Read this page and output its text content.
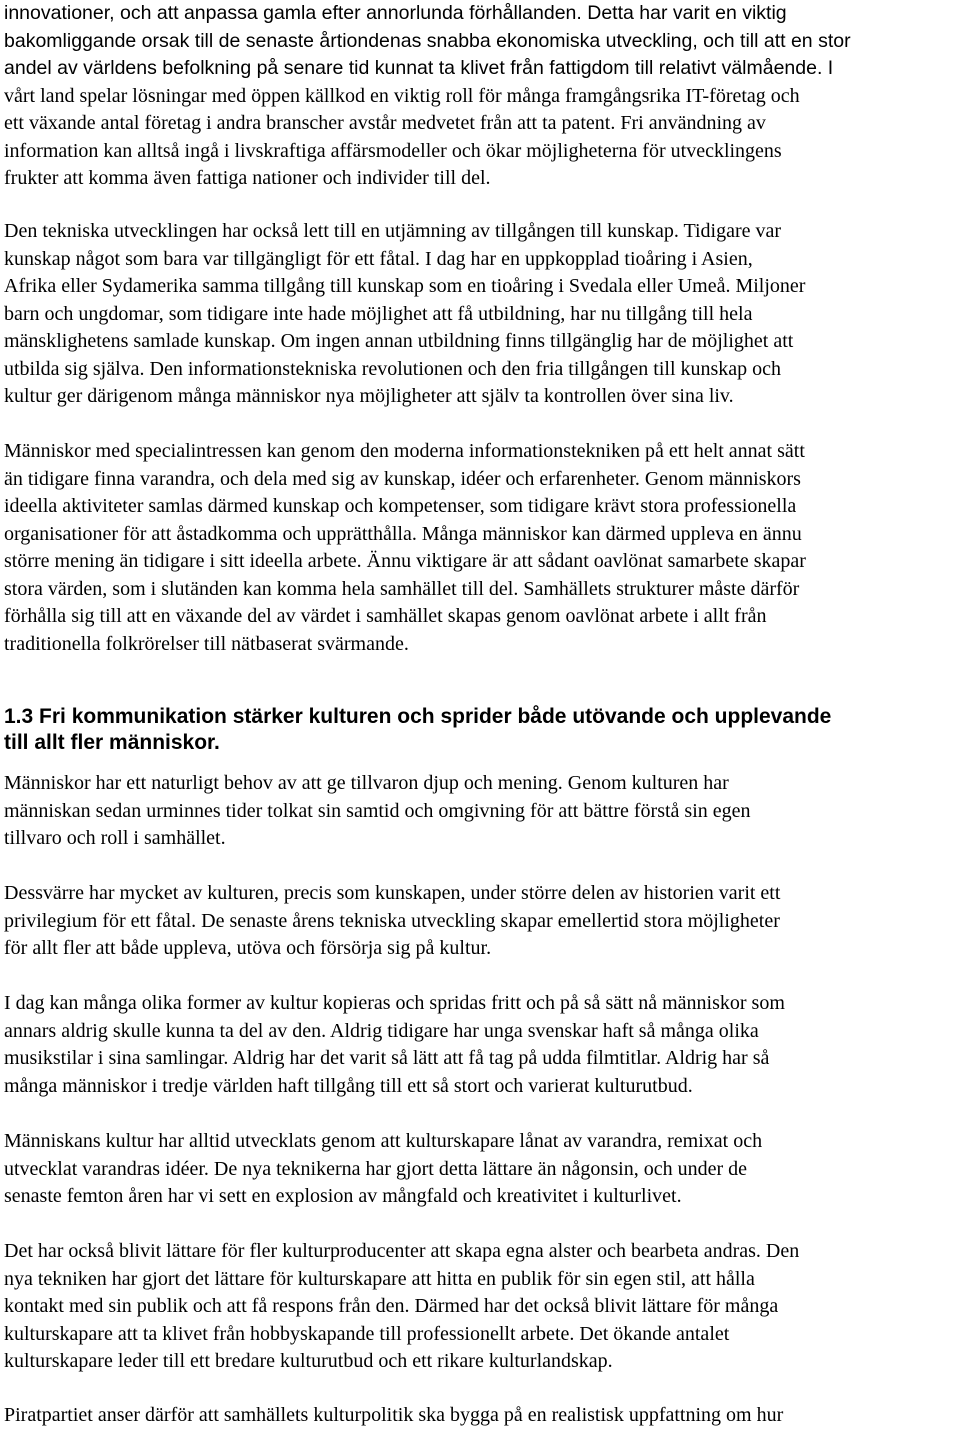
innovationer, och att anpassa gamla efter annorlunda förhållanden. Detta har varit en viktig
bakomliggande orsak till de senaste årtiondenas snabba ekonomiska utveckling, och till att en stor
andel av världens befolkning på senare tid kunnat ta klivet från fattigdom till relativt välmående. I
vårt land spelar lösningar med öppen källkod en viktig roll för många framgångsrika IT-företag och
ett växande antal företag i andra branscher avstår medvetet från att ta patent. Fri användning av
information kan alltså ingå i livskraftiga affärsmodeller och ökar möjligheterna för utvecklingens
frukter att komma även fattiga nationer och individer till del.
Den tekniska utvecklingen har också lett till en utjämning av tillgången till kunskap. Tidigare var
kunskap något som bara var tillgängligt för ett fåtal. I dag har en uppkopplad tioåring i Asien,
Afrika eller Sydamerika samma tillgång till kunskap som en tioåring i Svedala eller Umeå. Miljoner
barn och ungdomar, som tidigare inte hade möjlighet att få utbildning, har nu tillgång till hela
mänsklighetens samlade kunskap. Om ingen annan utbildning finns tillgänglig har de möjlighet att
utbilda sig själva. Den informationstekniska revolutionen och den fria tillgången till kunskap och
kultur ger därigenom många människor nya möjligheter att själv ta kontrollen över sina liv.
Människor med specialintressen kan genom den moderna informationstekniken på ett helt annat sätt
än tidigare finna varandra, och dela med sig av kunskap, idéer och erfarenheter. Genom människors
ideella aktiviteter samlas därmed kunskap och kompetenser, som tidigare krävt stora professionella
organisationer för att åstadkomma och upprätthålla. Många människor kan därmed uppleva en ännu
större mening än tidigare i sitt ideella arbete. Ännu viktigare är att sådant oavlönat samarbete skapar
stora värden, som i slutänden kan komma hela samhället till del. Samhällets strukturer måste därför
förhålla sig till att en växande del av värdet i samhället skapas genom oavlönat arbete i allt från
traditionella folkrörelser till nätbaserat svärmande.
1.3 Fri kommunikation stärker kulturen och sprider både utövande och upplevande
till allt fler människor.
Människor har ett naturligt behov av att ge tillvaron djup och mening. Genom kulturen har
människan sedan urminnes tider tolkat sin samtid och omgivning för att bättre förstå sin egen
tillvaro och roll i samhället.
Dessvärre har mycket av kulturen, precis som kunskapen, under större delen av historien varit ett
privilegium för ett fåtal. De senaste årens tekniska utveckling skapar emellertid stora möjligheter
för allt fler att både uppleva, utöva och försörja sig på kultur.
I dag kan många olika former av kultur kopieras och spridas fritt och på så sätt nå människor som
annars aldrig skulle kunna ta del av den. Aldrig tidigare har unga svenskar haft så många olika
musikstilar i sina samlingar. Aldrig har det varit så lätt att få tag på udda filmtitlar. Aldrig har så
många människor i tredje världen haft tillgång till ett så stort och varierat kulturutbud.
Människans kultur har alltid utvecklats genom att kulturskapare lånat av varandra, remixat och
utvecklat varandras idéer. De nya teknikerna har gjort detta lättare än någonsin, och under de
senaste femton åren har vi sett en explosion av mångfald och kreativitet i kulturlivet.
Det har också blivit lättare för fler kulturproducenter att skapa egna alster och bearbeta andras. Den
nya tekniken har gjort det lättare för kulturskapare att hitta en publik för sin egen stil, att hålla
kontakt med sin publik och att få respons från den. Därmed har det också blivit lättare för många
kulturskapare att ta klivet från hobbyskapande till professionellt arbete. Det ökande antalet
kulturskapare leder till ett bredare kulturutbud och ett rikare kulturlandskap.
Piratpartiet anser därför att samhällets kulturpolitik ska bygga på en realistisk uppfattning om hur
